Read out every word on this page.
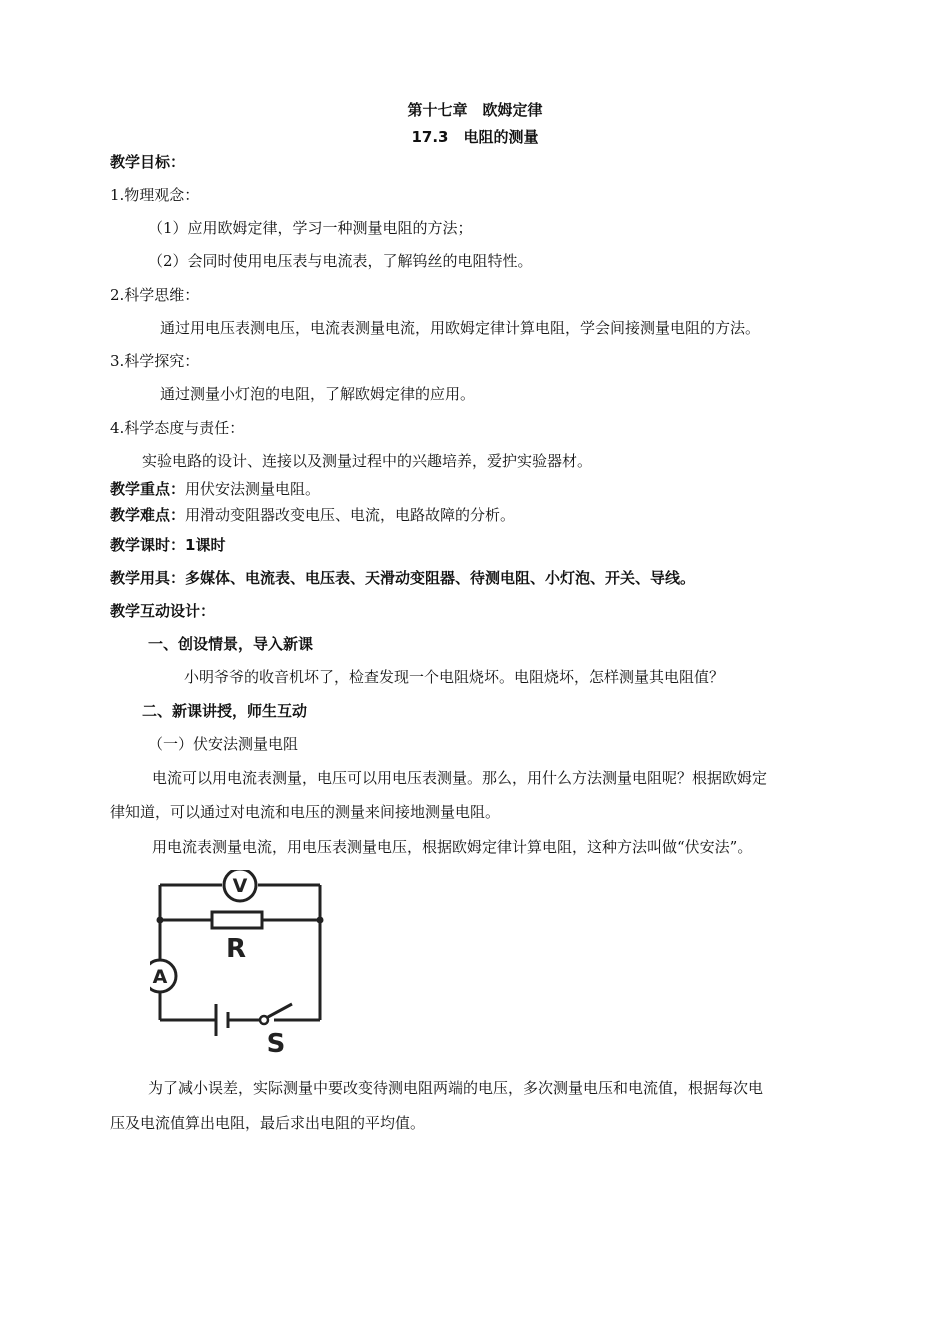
第十七章　欧姆定律
17.3　电阻的测量
教学目标：
1.物理观念：
（1）应用欧姆定律，学习一种测量电阻的方法；
（2）会同时使用电压表与电流表，了解钨丝的电阻特性。
2.科学思维：
通过用电压表测电压，电流表测量电流，用欧姆定律计算电阻，学会间接测量电阻的方法。
3.科学探究：
通过测量小灯泡的电阻，了解欧姆定律的应用。
4.科学态度与责任：
实验电路的设计、连接以及测量过程中的兴趣培养，爱护实验器材。
教学重点：用伏安法测量电阻。
教学难点：用滑动变阻器改变电压、电流，电路故障的分析。
教学课时：1课时
教学用具：多媒体、电流表、电压表、天滑动变阻器、待测电阻、小灯泡、开关、导线。
教学互动设计：
一、创设情景，导入新课
小明爷爷的收音机坏了，检查发现一个电阻烧坏。电阻烧坏，怎样测量其电阻值？
二、新课讲授，师生互动
（一）伏安法测量电阻
电流可以用电流表测量，电压可以用电压表测量。那么，用什么方法测量电阻呢？根据欧姆定
律知道，可以通过对电流和电压的测量来间接地测量电阻。
用电流表测量电流，用电压表测量电压，根据欧姆定律计算电阻，这种方法叫做“伏安法”。
V
A
R
S
为了减小误差，实际测量中要改变待测电阻两端的电压，多次测量电压和电流值，根据每次电
压及电流值算出电阻，最后求出电阻的平均值。
